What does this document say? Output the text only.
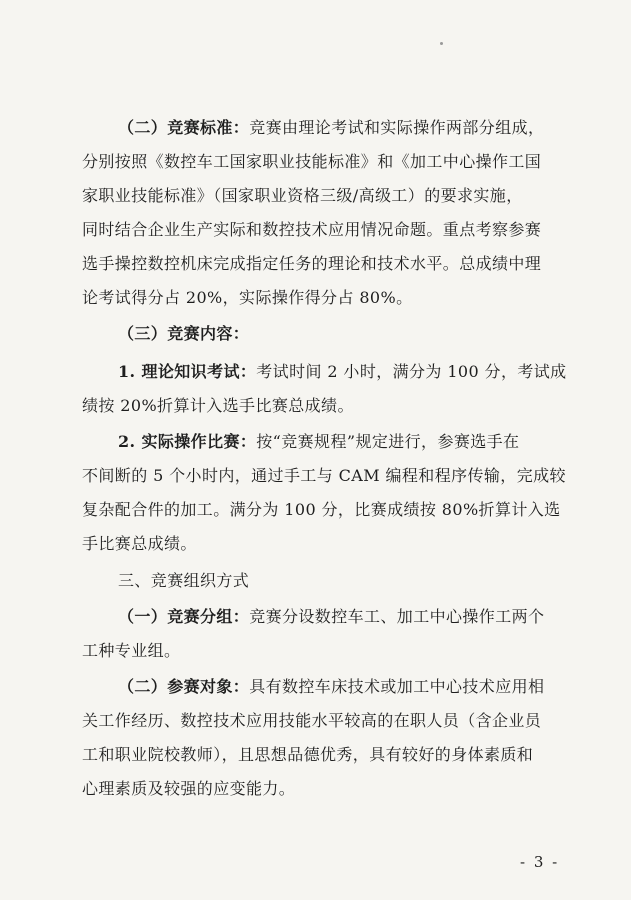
（二）竞赛标准：竞赛由理论考试和实际操作两部分组成，
分别按照《数控车工国家职业技能标准》和《加工中心操作工国
家职业技能标准》（国家职业资格三级/高级工）的要求实施，
同时结合企业生产实际和数控技术应用情况命题。重点考察参赛
选手操控数控机床完成指定任务的理论和技术水平。总成绩中理
论考试得分占 20%，实际操作得分占 80%。
（三）竞赛内容：
1. 理论知识考试：考试时间 2 小时，满分为 100 分，考试成
绩按 20%折算计入选手比赛总成绩。
2. 实际操作比赛：按“竞赛规程”规定进行，参赛选手在
不间断的 5 个小时内，通过手工与 CAM 编程和程序传输，完成较
复杂配合件的加工。满分为 100 分，比赛成绩按 80%折算计入选
手比赛总成绩。
三、竞赛组织方式
（一）竞赛分组：竞赛分设数控车工、加工中心操作工两个
工种专业组。
（二）参赛对象：具有数控车床技术或加工中心技术应用相
关工作经历、数控技术应用技能水平较高的在职人员（含企业员
工和职业院校教师），且思想品德优秀，具有较好的身体素质和
心理素质及较强的应变能力。
- 3 -
